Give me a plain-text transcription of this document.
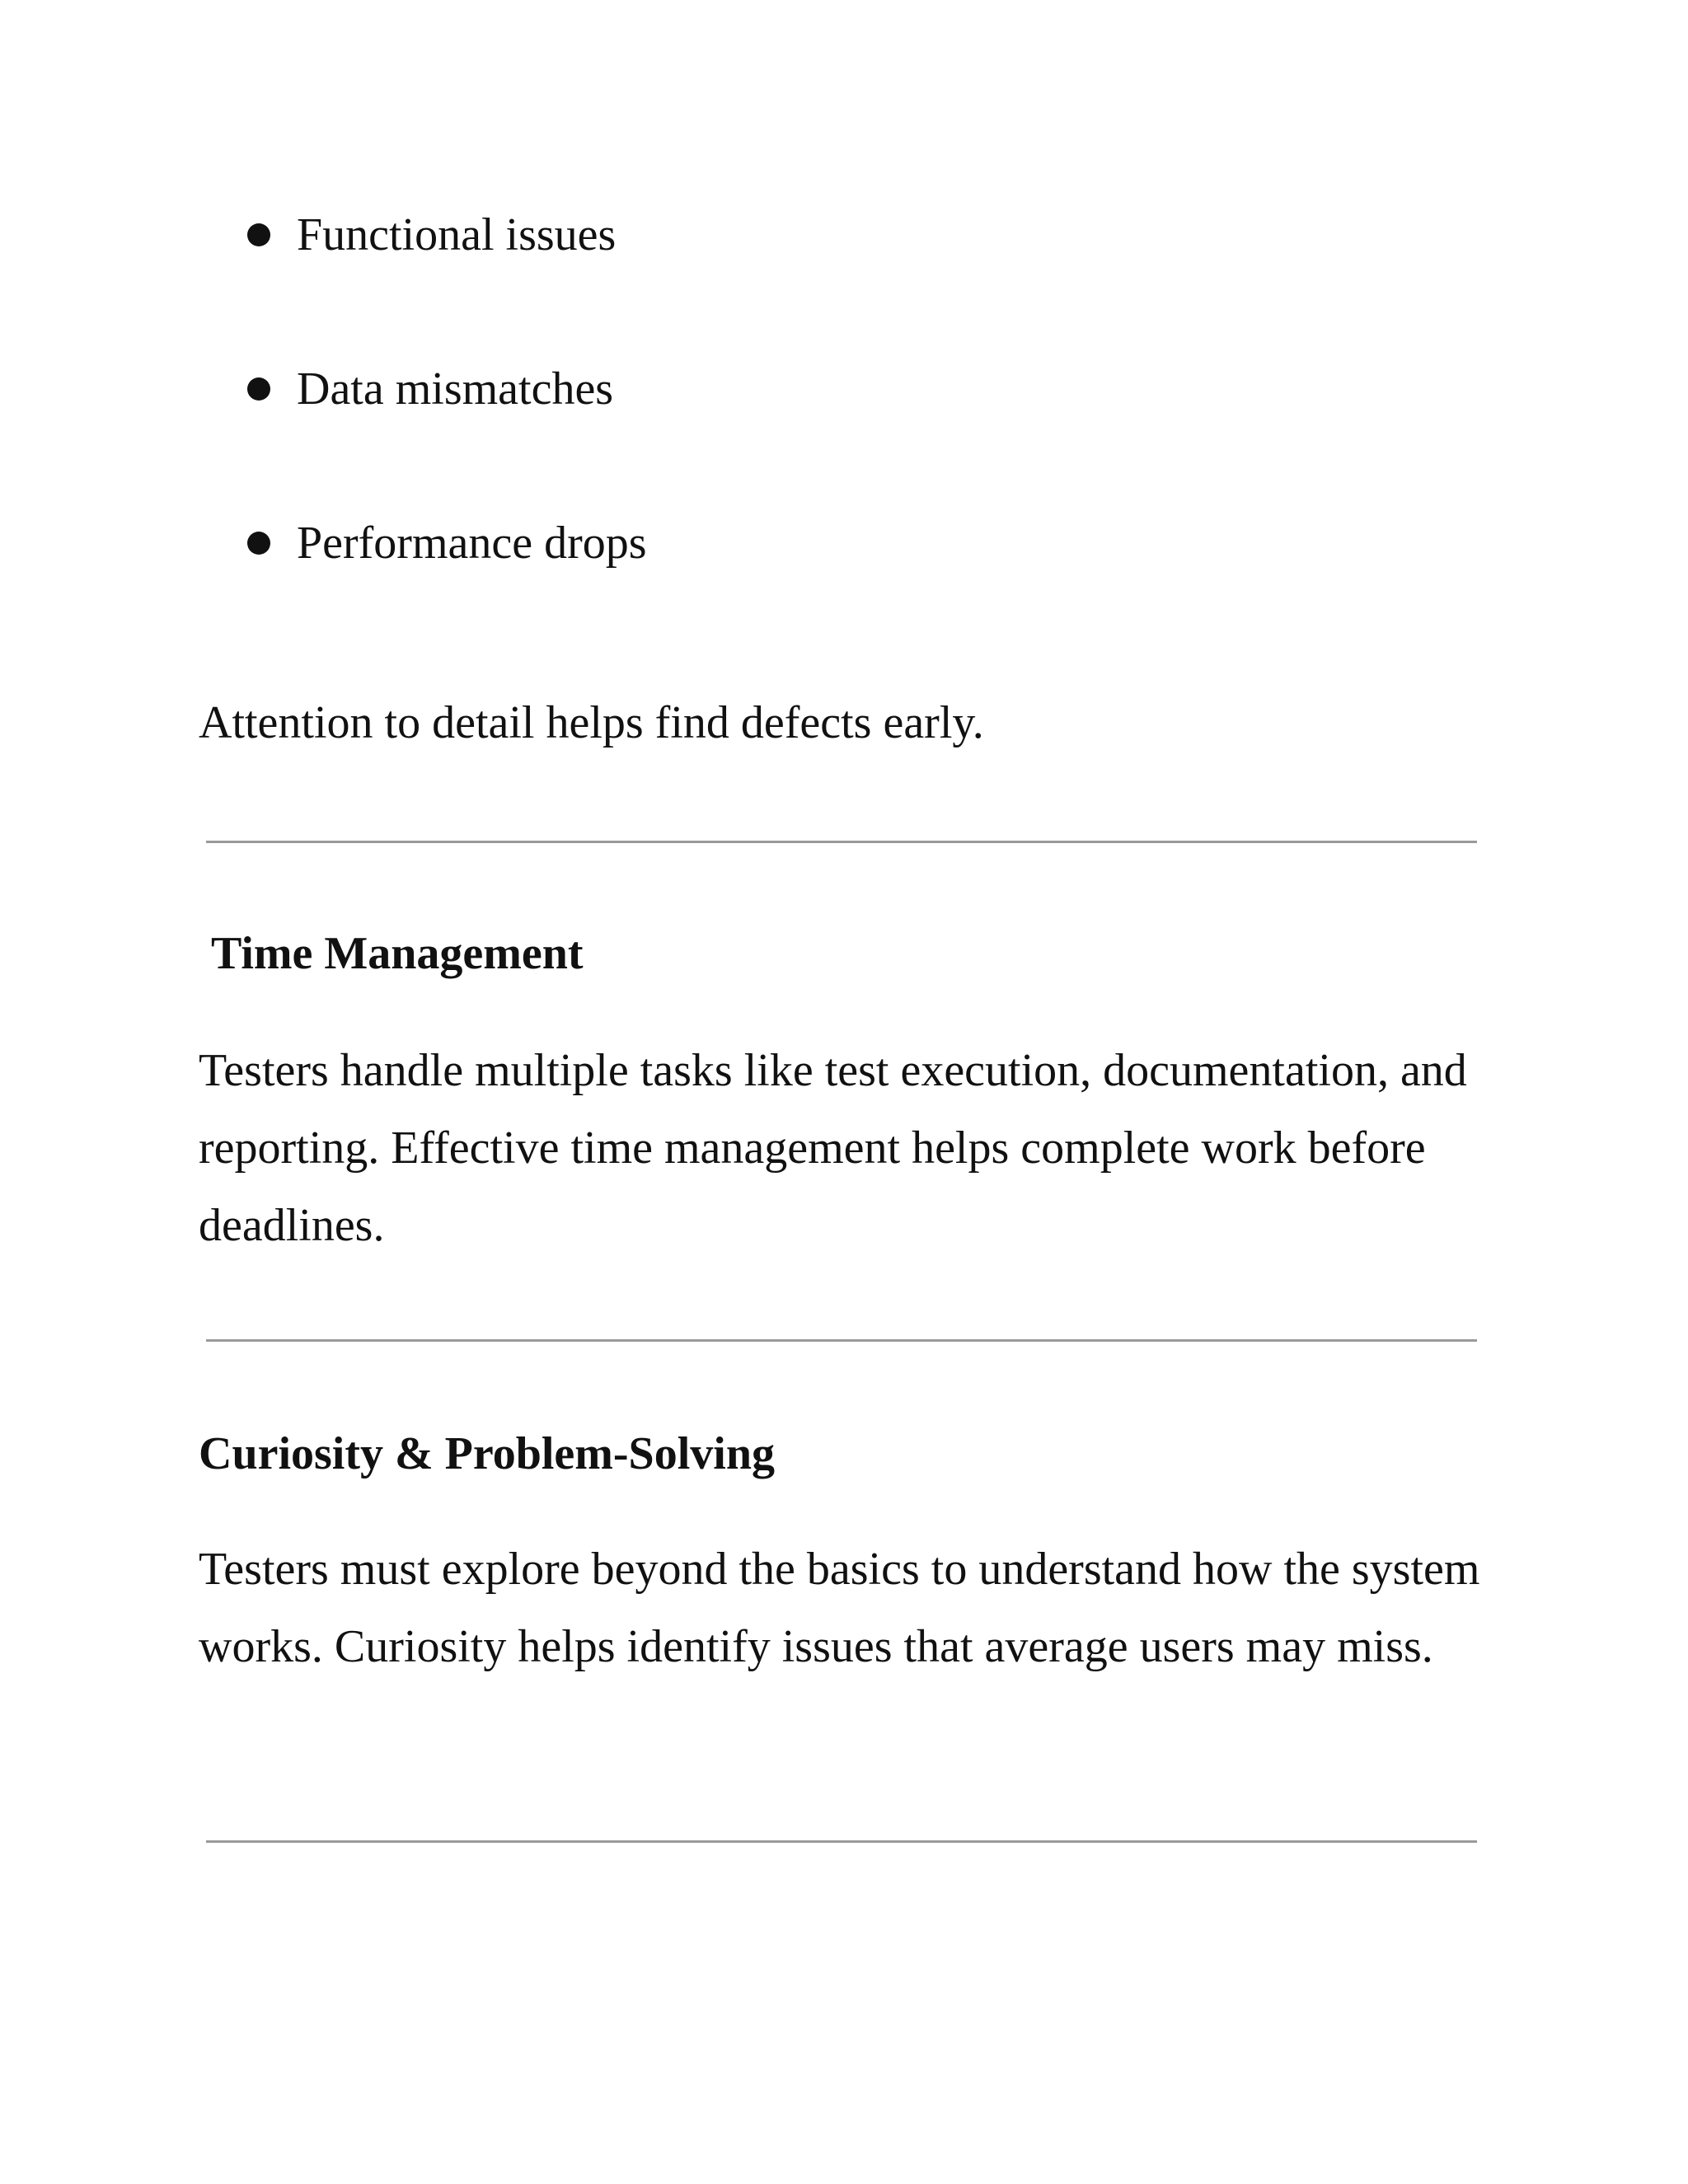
Functional issues
Data mismatches
Performance drops

Attention to detail helps find defects early.

Time Management

Testers handle multiple tasks like test execution, documentation, and reporting. Effective time management helps complete work before deadlines.

Curiosity & Problem-Solving

Testers must explore beyond the basics to understand how the system works. Curiosity helps identify issues that average users may miss.
